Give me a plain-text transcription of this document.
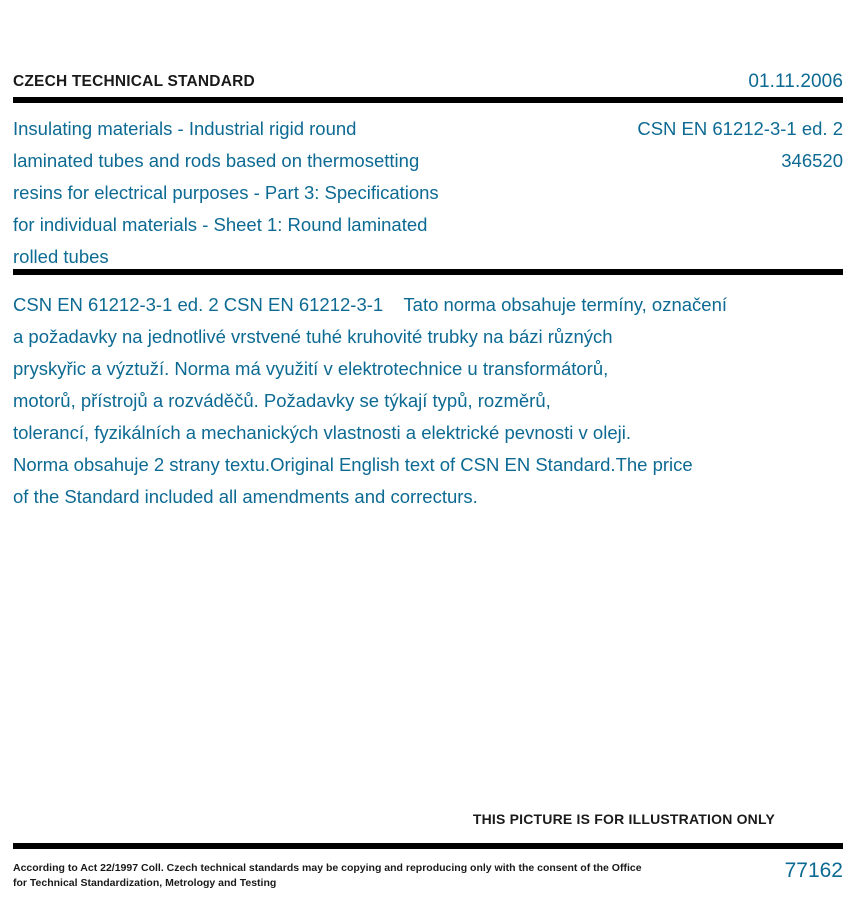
CZECH TECHNICAL STANDARD	01.11.2006
Insulating materials - Industrial rigid round
laminated tubes and rods based on thermosetting
resins for electrical purposes - Part 3: Specifications
for individual materials - Sheet 1: Round laminated
rolled tubes
CSN EN 61212-3-1 ed. 2
346520
CSN EN 61212-3-1 ed. 2 CSN EN 61212-3-1    Tato norma obsahuje termíny, označení
a požadavky na jednotlivé vrstvené tuhé kruhovité trubky na bázi různých
pryskyřic a výztuží. Norma má využití v elektrotechnice u transformátorů,
motorů, přístrojů a rozváděčů. Požadavky se týkají typů, rozměrů,
tolerancí, fyzikálních a mechanických vlastnosti a elektrické pevnosti v oleji.
Norma obsahuje 2 strany textu.Original English text of CSN EN Standard.The price
of the Standard included all amendments and correcturs.
THIS PICTURE IS FOR ILLUSTRATION ONLY
According to Act 22/1997 Coll. Czech technical standards may be copying and reproducing only with the consent of the Office
for Technical Standardization, Metrology and Testing
77162
